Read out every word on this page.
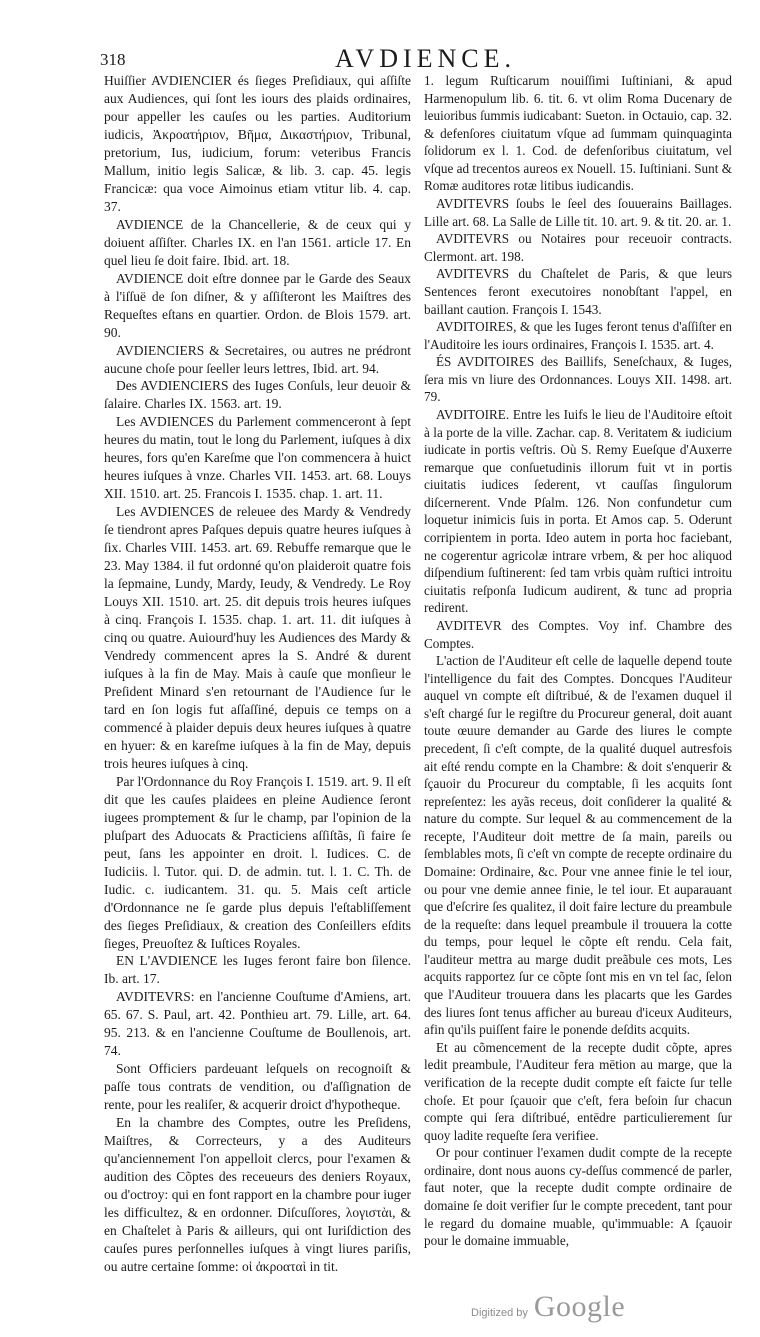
318	AVDIENCE.

Huiſſier AVDIENCIER és ſieges Preſidiaux, qui aſſiſte aux Audiences, qui ſont les iours des plaids ordinaires, pour appeller les cauſes ou les parties. Auditorium iudicis, Ἀκροατήριον, Βῆμα, Δικαστήριον, Tribunal, pretorium, Ius, iudicium, forum: veteribus Francis Mallum, initio legis Salicæ, & lib. 3. cap. 45. legis Francicæ: qua voce Aimoinus etiam vtitur lib. 4. cap. 37.

AVDIENCE de la Chancellerie, & de ceux qui y doiuent aſſiſter. Charles IX. en l'an 1561. article 17. En quel lieu ſe doit faire. Ibid. art. 18.

AVDIENCE doit eſtre donnee par le Garde des Seaux à l'iſſuë de ſon diſner, & y aſſiſteront les Maiſtres des Requeſtes eſtans en quartier. Ordon. de Blois 1579. art. 90.

AVDIENCIERS & Secretaires, ou autres ne prédront aucune choſe pour ſeeller leurs lettres, Ibid. art. 94.

Des AVDIENCIERS des Iuges Conſuls, leur deuoir & ſalaire. Charles IX. 1563. art. 19.

Les AVDIENCES du Parlement commenceront à ſept heures du matin, tout le long du Parlement, iuſques à dix heures, fors qu'en Kareſme que l'on commencera à huict heures iuſques à vnze. Charles VII. 1453. art. 68. Louys XII. 1510. art. 25. Francois I. 1535. chap. 1. art. 11.

Les AVDIENCES de releuee des Mardy & Vendredy ſe tiendront apres Paſques depuis quatre heures iuſques à ſix. Charles VIII. 1453. art. 69. Rebuffe remarque que le 23. May 1384. il fut ordonné qu'on plaideroit quatre fois la ſepmaine, Lundy, Mardy, Ieudy, & Vendredy. Le Roy Louys XII. 1510. art. 25. dit depuis trois heures iuſques à cinq. François I. 1535. chap. 1. art. 11. dit iuſques à cinq ou quatre. Auiourd'huy les Audiences des Mardy & Vendredy commencent apres la S. André & durent iuſques à la fin de May. Mais à cauſe que monſieur le Preſident Minard s'en retournant de l'Audience ſur le tard en ſon logis fut aſſaſſiné, depuis ce temps on a commencé à plaider depuis deux heures iuſques à quatre en hyuer: & en kareſme iuſques à la fin de May, depuis trois heures iuſques à cinq.

Par l'Ordonnance du Roy François I. 1519. art. 9. Il eſt dit que les cauſes plaidees en pleine Audience ſeront iugees promptement & ſur le champ, par l'opinion de la pluſpart des Aduocats & Practiciens aſſiſtãs, ſi faire ſe peut, ſans les appointer en droit. l. Iudices. C. de Iudiciis. l. Tutor. qui. D. de admin. tut. l. 1. C. Th. de Iudic. c. iudicantem. 31. qu. 5. Mais ceſt article d'Ordonnance ne ſe garde plus depuis l'eſtabliſſement des ſieges Preſidiaux, & creation des Conſeillers eſdits ſieges, Preuoſtez & Iuſtices Royales.

EN L'AVDIENCE les Iuges feront faire bon ſilence. Ib. art. 17.

AVDITEVRS: en l'ancienne Couſtume d'Amiens, art. 65. 67. S. Paul, art. 42. Ponthieu art. 79. Lille, art. 64. 95. 213. & en l'ancienne Couſtume de Boullenois, art. 74.

Sont Officiers pardeuant leſquels on recognoiſt & paſſe tous contrats de vendition, ou d'aſſignation de rente, pour les realiſer, & acquerir droict d'hypotheque.

En la chambre des Comptes, outre les Preſidens, Maiſtres, & Correcteurs, y a des Auditeurs qu'anciennement l'on appelloit clercs, pour l'examen & audition des Cõptes des receueurs des deniers Royaux, ou d'octroy: qui en font rapport en la chambre pour iuger les difficultez, & en ordonner. Diſcuſſores, λογιστὰι, & en Chaſtelet à Paris & ailleurs, qui ont Iuriſdiction des cauſes pures perſonnelles iuſques à vingt liures pariſis, ou autre certaine ſomme: οἱ ἀκροαταὶ in tit.

1. legum Ruſticarum nouiſſimi Iuſtiniani, & apud Harmenopulum lib. 6. tit. 6. vt olim Roma Ducenary de leuioribus ſummis iudicabant: Sueton. in Octauio, cap. 32. & defenſores ciuitatum vſque ad ſummam quinquaginta ſolidorum ex l. 1. Cod. de defenſoribus ciuitatum, vel vſque ad trecentos aureos ex Nouell. 15. Iuſtiniani. Sunt & Romæ auditores rotæ litibus iudicandis.

AVDITEVRS ſoubs le ſeel des ſouuerains Baillages. Lille art. 68. La Salle de Lille tit. 10. art. 9. & tit. 20. ar. 1.

AVDITEVRS ou Notaires pour receuoir contracts. Clermont. art. 198.

AVDITEVRS du Chaſtelet de Paris, & que leurs Sentences feront executoires nonobſtant l'appel, en baillant caution. François I. 1543.

AVDITOIRES, & que les Iuges feront tenus d'aſſiſter en l'Auditoire les iours ordinaires, François I. 1535. art. 4.

ÉS AVDITOIRES des Baillifs, Seneſchaux, & Iuges, ſera mis vn liure des Ordonnances. Louys XII. 1498. art. 79.

AVDITOIRE. Entre les Iuifs le lieu de l'Auditoire eſtoit à la porte de la ville. Zachar. cap. 8. Veritatem & iudicium iudicate in portis veſtris. Où S. Remy Eueſque d'Auxerre remarque que conſuetudinis illorum fuit vt in portis ciuitatis iudices ſederent, vt cauſſas ſingulorum diſcernerent. Vnde Pſalm. 126. Non confundetur cum loquetur inimicis ſuis in porta. Et Amos cap. 5. Oderunt corripientem in porta. Ideo autem in porta hoc faciebant, ne cogerentur agricolæ intrare vrbem, & per hoc aliquod diſpendium ſuſtinerent: ſed tam vrbis quàm ruſtici introitu ciuitatis reſponſa Iudicum audirent, & tunc ad propria redirent.

AVDITEVR des Comptes. Voy inf. Chambre des Comptes.

L'action de l'Auditeur eſt celle de laquelle depend toute l'intelligence du fait des Comptes. Doncques l'Auditeur auquel vn compte eſt diſtribué, & de l'examen duquel il s'eſt chargé ſur le regiſtre du Procureur general, doit auant toute œuure demander au Garde des liures le compte precedent, ſi c'eſt compte, de la qualité duquel autresfois ait eſté rendu compte en la Chambre: & doit s'enquerir & ſçauoir du Procureur du comptable, ſi les acquits ſont repreſentez: les ayãs receus, doit conſiderer la qualité & nature du compte. Sur lequel & au commencement de la recepte, l'Auditeur doit mettre de ſa main, pareils ou ſemblables mots, ſi c'eſt vn compte de recepte ordinaire du Domaine: Ordinaire, &c. Pour vne annee finie le tel iour, ou pour vne demie annee finie, le tel iour. Et auparauant que d'eſcrire ſes qualitez, il doit faire lecture du preambule de la requeſte: dans lequel preambule il trouuera la cotte du temps, pour lequel le cõpte eſt rendu. Cela fait, l'auditeur mettra au marge dudit preãbule ces mots, Les acquits rapportez ſur ce cõpte ſont mis en vn tel ſac, ſelon que l'Auditeur trouuera dans les placarts que les Gardes des liures ſont tenus afficher au bureau d'iceux Auditeurs, afin qu'ils puiſſent faire le ponende deſdits acquits.

Et au cõmencement de la recepte dudit cõpte, apres ledit preambule, l'Auditeur fera mētion au marge, que la verification de la recepte dudit compte eſt faicte ſur telle choſe. Et pour ſçauoir que c'eſt, fera beſoin ſur chacun compte qui ſera diſtribué, entēdre particulierement ſur quoy ladite requeſte ſera verifiee.

Or pour continuer l'examen dudit compte de la recepte ordinaire, dont nous auons cy-deſſus commencé de parler, faut noter, que la recepte dudit compte ordinaire de domaine ſe doit verifier ſur le compte precedent, tant pour le regard du domaine muable, qu'immuable: A ſçauoir pour le domaine immuable,

Digitized by Google
